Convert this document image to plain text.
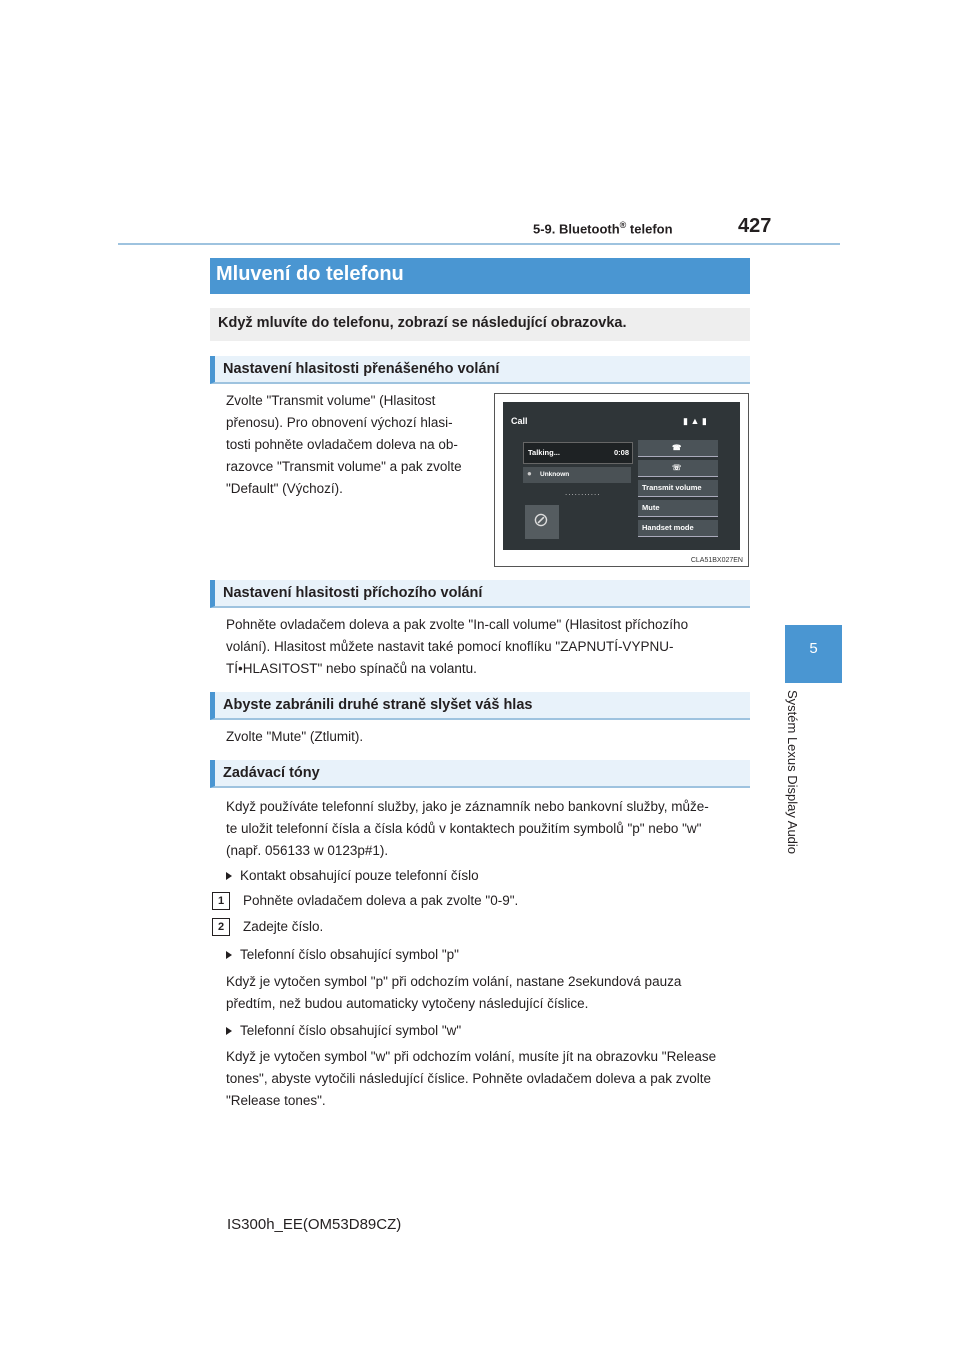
5-9. Bluetooth® telefon	427
5
Systém Lexus Display Audio
Mluvení do telefonu
Když mluvíte do telefonu, zobrazí se následující obrazovka.
Nastavení hlasitosti přenášeného volání
Zvolte "Transmit volume" (Hlasitost
přenosu). Pro obnovení výchozí hlasi-
tosti pohněte ovladačem doleva na ob-
razovce "Transmit volume" a pak zvolte
"Default" (Výchozí).
Call	▮ ▲ ▮
Talking...	0:08
● Unknown
...........
⊘
☎
☏
Transmit volume
Mute
Handset mode
CLA51BX027EN
Nastavení hlasitosti příchozího volání
Pohněte ovladačem doleva a pak zvolte "In-call volume" (Hlasitost příchozího
volání). Hlasitost můžete nastavit také pomocí knoflíku "ZAPNUTÍ-VYPNU-
TÍ•HLASITOST" nebo spínačů na volantu.
Abyste zabránili druhé straně slyšet váš hlas
Zvolte "Mute" (Ztlumit).
Zadávací tóny
Když používáte telefonní služby, jako je záznamník nebo bankovní služby, může-
te uložit telefonní čísla a čísla kódů v kontaktech použitím symbolů "p" nebo "w"
(např. 056133 w 0123p#1).
Kontakt obsahující pouze telefonní číslo
1	Pohněte ovladačem doleva a pak zvolte "0-9".
2	Zadejte číslo.
Telefonní číslo obsahující symbol "p"
Když je vytočen symbol "p" při odchozím volání, nastane 2sekundová pauza
předtím, než budou automaticky vytočeny následující číslice.
Telefonní číslo obsahující symbol "w"
Když je vytočen symbol "w" při odchozím volání, musíte jít na obrazovku "Release
tones", abyste vytočili následující číslice. Pohněte ovladačem doleva a pak zvolte
"Release tones".
IS300h_EE(OM53D89CZ)
